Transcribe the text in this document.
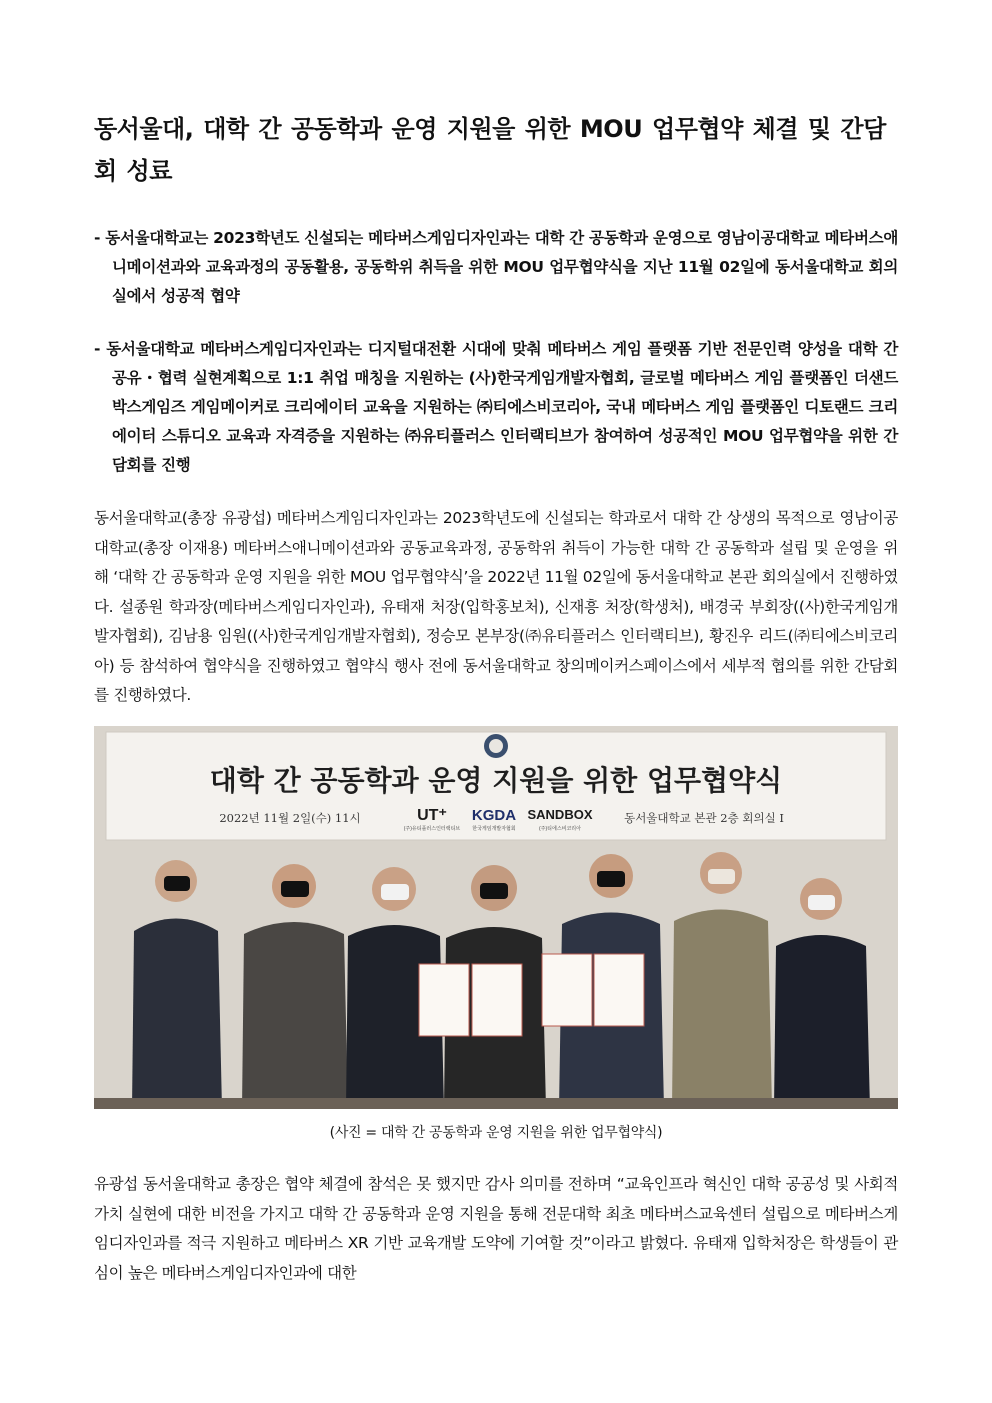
동서울대, 대학 간 공동학과 운영 지원을 위한 MOU 업무협약 체결 및 간담회 성료
- 동서울대학교는 2023학년도 신설되는 메타버스게임디자인과는 대학 간 공동학과 운영으로 영남이공대학교 메타버스애니메이션과와 교육과정의 공동활용, 공동학위 취득을 위한 MOU 업무협약식을 지난 11월 02일에 동서울대학교 회의실에서 성공적 협약
- 동서울대학교 메타버스게임디자인과는 디지털대전환 시대에 맞춰 메타버스 게임 플랫폼 기반 전문인력 양성을 대학 간 공유・협력 실현계획으로 1:1 취업 매칭을 지원하는 (사)한국게임개발자협회, 글로벌 메타버스 게임 플랫폼인 더샌드박스게임즈 게임메이커로 크리에이터 교육을 지원하는 ㈜티에스비코리아, 국내 메타버스 게임 플랫폼인 디토랜드 크리에이터 스튜디오 교육과 자격증을 지원하는 ㈜유티플러스 인터랙티브가 참여하여 성공적인 MOU 업무협약을 위한 간담회를 진행

동서울대학교(총장 유광섭) 메타버스게임디자인과는 2023학년도에 신설되는 학과로서 대학 간 상생의 목적으로 영남이공대학교(총장 이재용) 메타버스애니메이션과와 공동교육과정, 공동학위 취득이 가능한 대학 간 공동학과 설립 및 운영을 위해 ‘대학 간 공동학과 운영 지원을 위한 MOU 업무협약식’을 2022년 11월 02일에 동서울대학교 본관 회의실에서 진행하였다. 설종원 학과장(메타버스게임디자인과), 유태재 처장(입학홍보처), 신재흥 처장(학생처), 배경국 부회장((사)한국게임개발자협회), 김남용 임원((사)한국게임개발자협회), 정승모 본부장(㈜유티플러스 인터랙티브), 황진우 리드(㈜티에스비코리아) 등 참석하여 협약식을 진행하였고 협약식 행사 전에 동서울대학교 창의메이커스페이스에서 세부적 협의를 위한 간담회를 진행하였다.

대학 간 공동학과 운영 지원을 위한 업무협약식
2022년 11월 2일(수) 11시	UT⁺
(주)유티플러스인터랙티브
KGDA
한국게임개발자협회
SANDBOX
(주)티에스비코리아
동서울대학교 본관 2층 회의실 I
(사진 = 대학 간 공동학과 운영 지원을 위한 업무협약식)

유광섭 동서울대학교 총장은 협약 체결에 참석은 못 했지만 감사 의미를 전하며 “교육인프라 혁신인 대학 공공성 및 사회적 가치 실현에 대한 비전을 가지고 대학 간 공동학과 운영 지원을 통해 전문대학 최초 메타버스교육센터 설립으로 메타버스게임디자인과를 적극 지원하고 메타버스 XR 기반 교육개발 도약에 기여할 것”이라고 밝혔다. 유태재 입학처장은 학생들이 관심이 높은 메타버스게임디자인과에 대한
